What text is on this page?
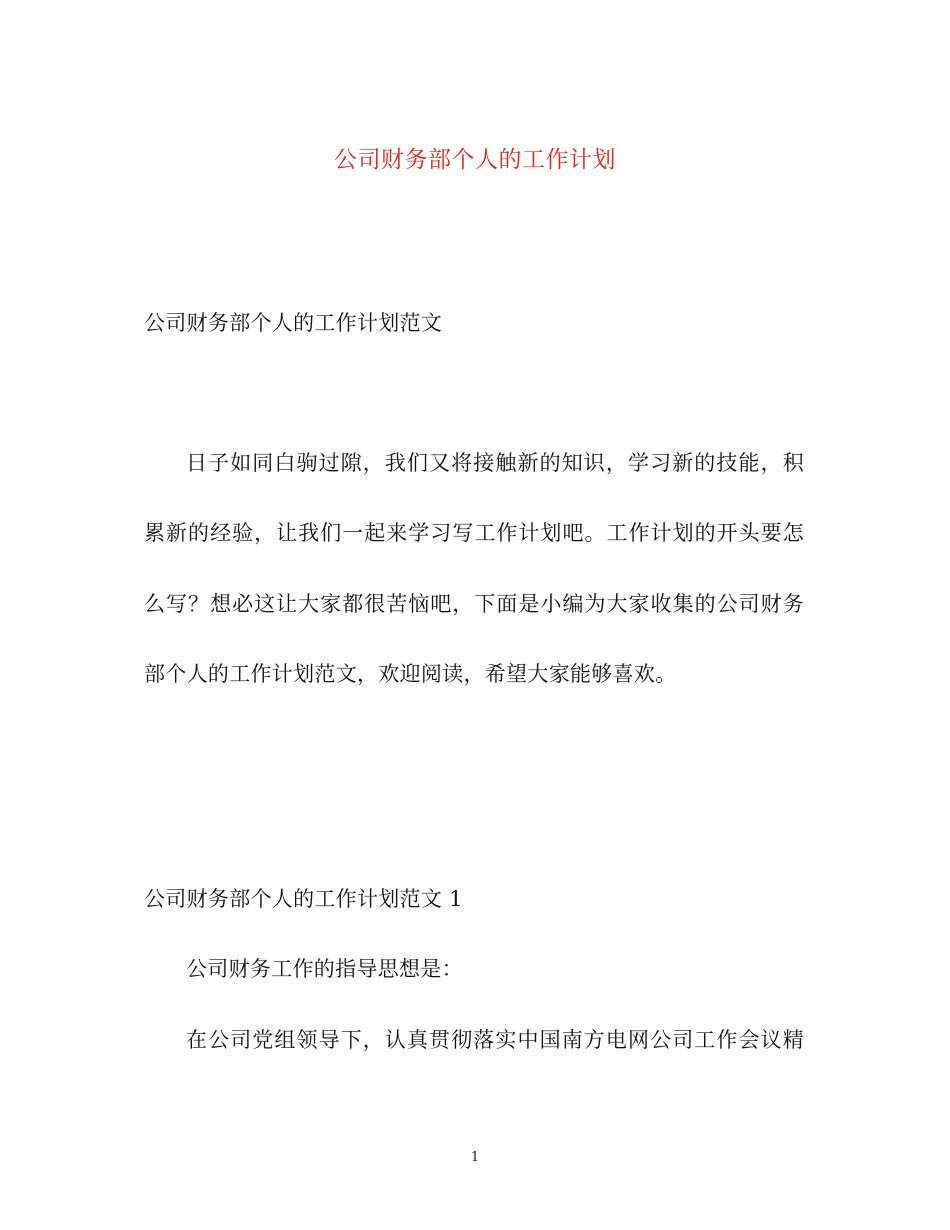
公司财务部个人的工作计划
公司财务部个人的工作计划范文
日子如同白驹过隙，我们又将接触新的知识，学习新的技能，积
累新的经验，让我们一起来学习写工作计划吧。工作计划的开头要怎
么写？想必这让大家都很苦恼吧，下面是小编为大家收集的公司财务
部个人的工作计划范文，欢迎阅读，希望大家能够喜欢。
公司财务部个人的工作计划范文 1
公司财务工作的指导思想是：
在公司党组领导下，认真贯彻落实中国南方电网公司工作会议精
1
